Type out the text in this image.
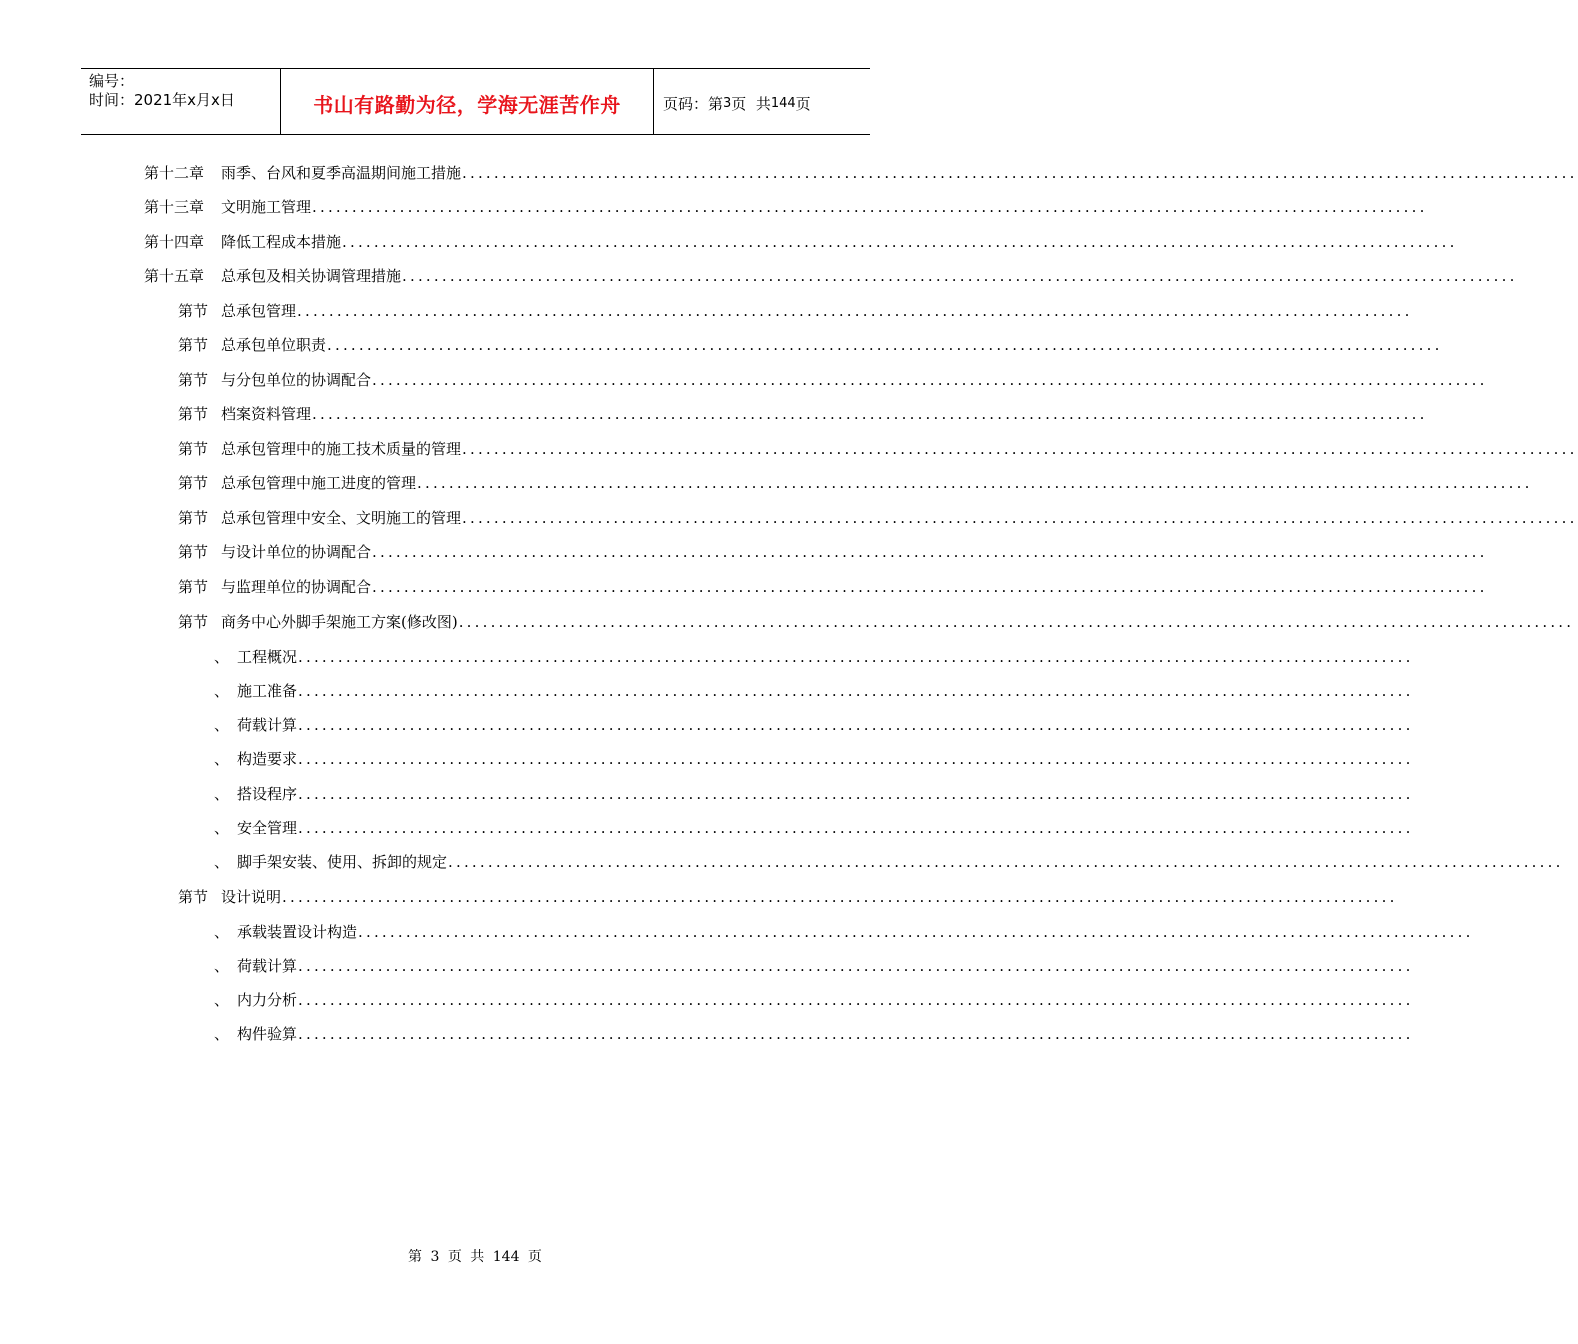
编号：
时间：2021年x月x日	书山有路勤为径，学海无涯苦作舟	页码：第 3 页  共 144 页
第十二章	雨季、台风和夏季高温期间施工措施 ............................................................................................................................................
第十三章	文明施工管理 ............................................................................................................................................
第十四章	降低工程成本措施 ............................................................................................................................................
第十五章	总承包及相关协调管理措施 ............................................................................................................................................
第节 总承包管理 ............................................................................................................................................
第节 总承包单位职责 ............................................................................................................................................
第节 与分包单位的协调配合 ............................................................................................................................................
第节 档案资料管理 ............................................................................................................................................
第节 总承包管理中的施工技术质量的管理 ............................................................................................................................................
第节 总承包管理中施工进度的管理 ............................................................................................................................................
第节 总承包管理中安全、文明施工的管理 ............................................................................................................................................
第节 与设计单位的协调配合 ............................................................................................................................................
第节 与监理单位的协调配合 ............................................................................................................................................
第节 商务中心外脚手架施工方案(修改图) ............................................................................................................................................
、 工程概况 ............................................................................................................................................
、 施工准备 ............................................................................................................................................
、 荷载计算 ............................................................................................................................................
、 构造要求 ............................................................................................................................................
、 搭设程序 ............................................................................................................................................
、 安全管理 ............................................................................................................................................
、 脚手架安装、使用、拆卸的规定 ............................................................................................................................................
第节 设计说明 ............................................................................................................................................
、 承载装置设计构造 ............................................................................................................................................
、 荷载计算 ............................................................................................................................................
、 内力分析 ............................................................................................................................................
、 构件验算 ............................................................................................................................................
第 3 页 共 144 页
